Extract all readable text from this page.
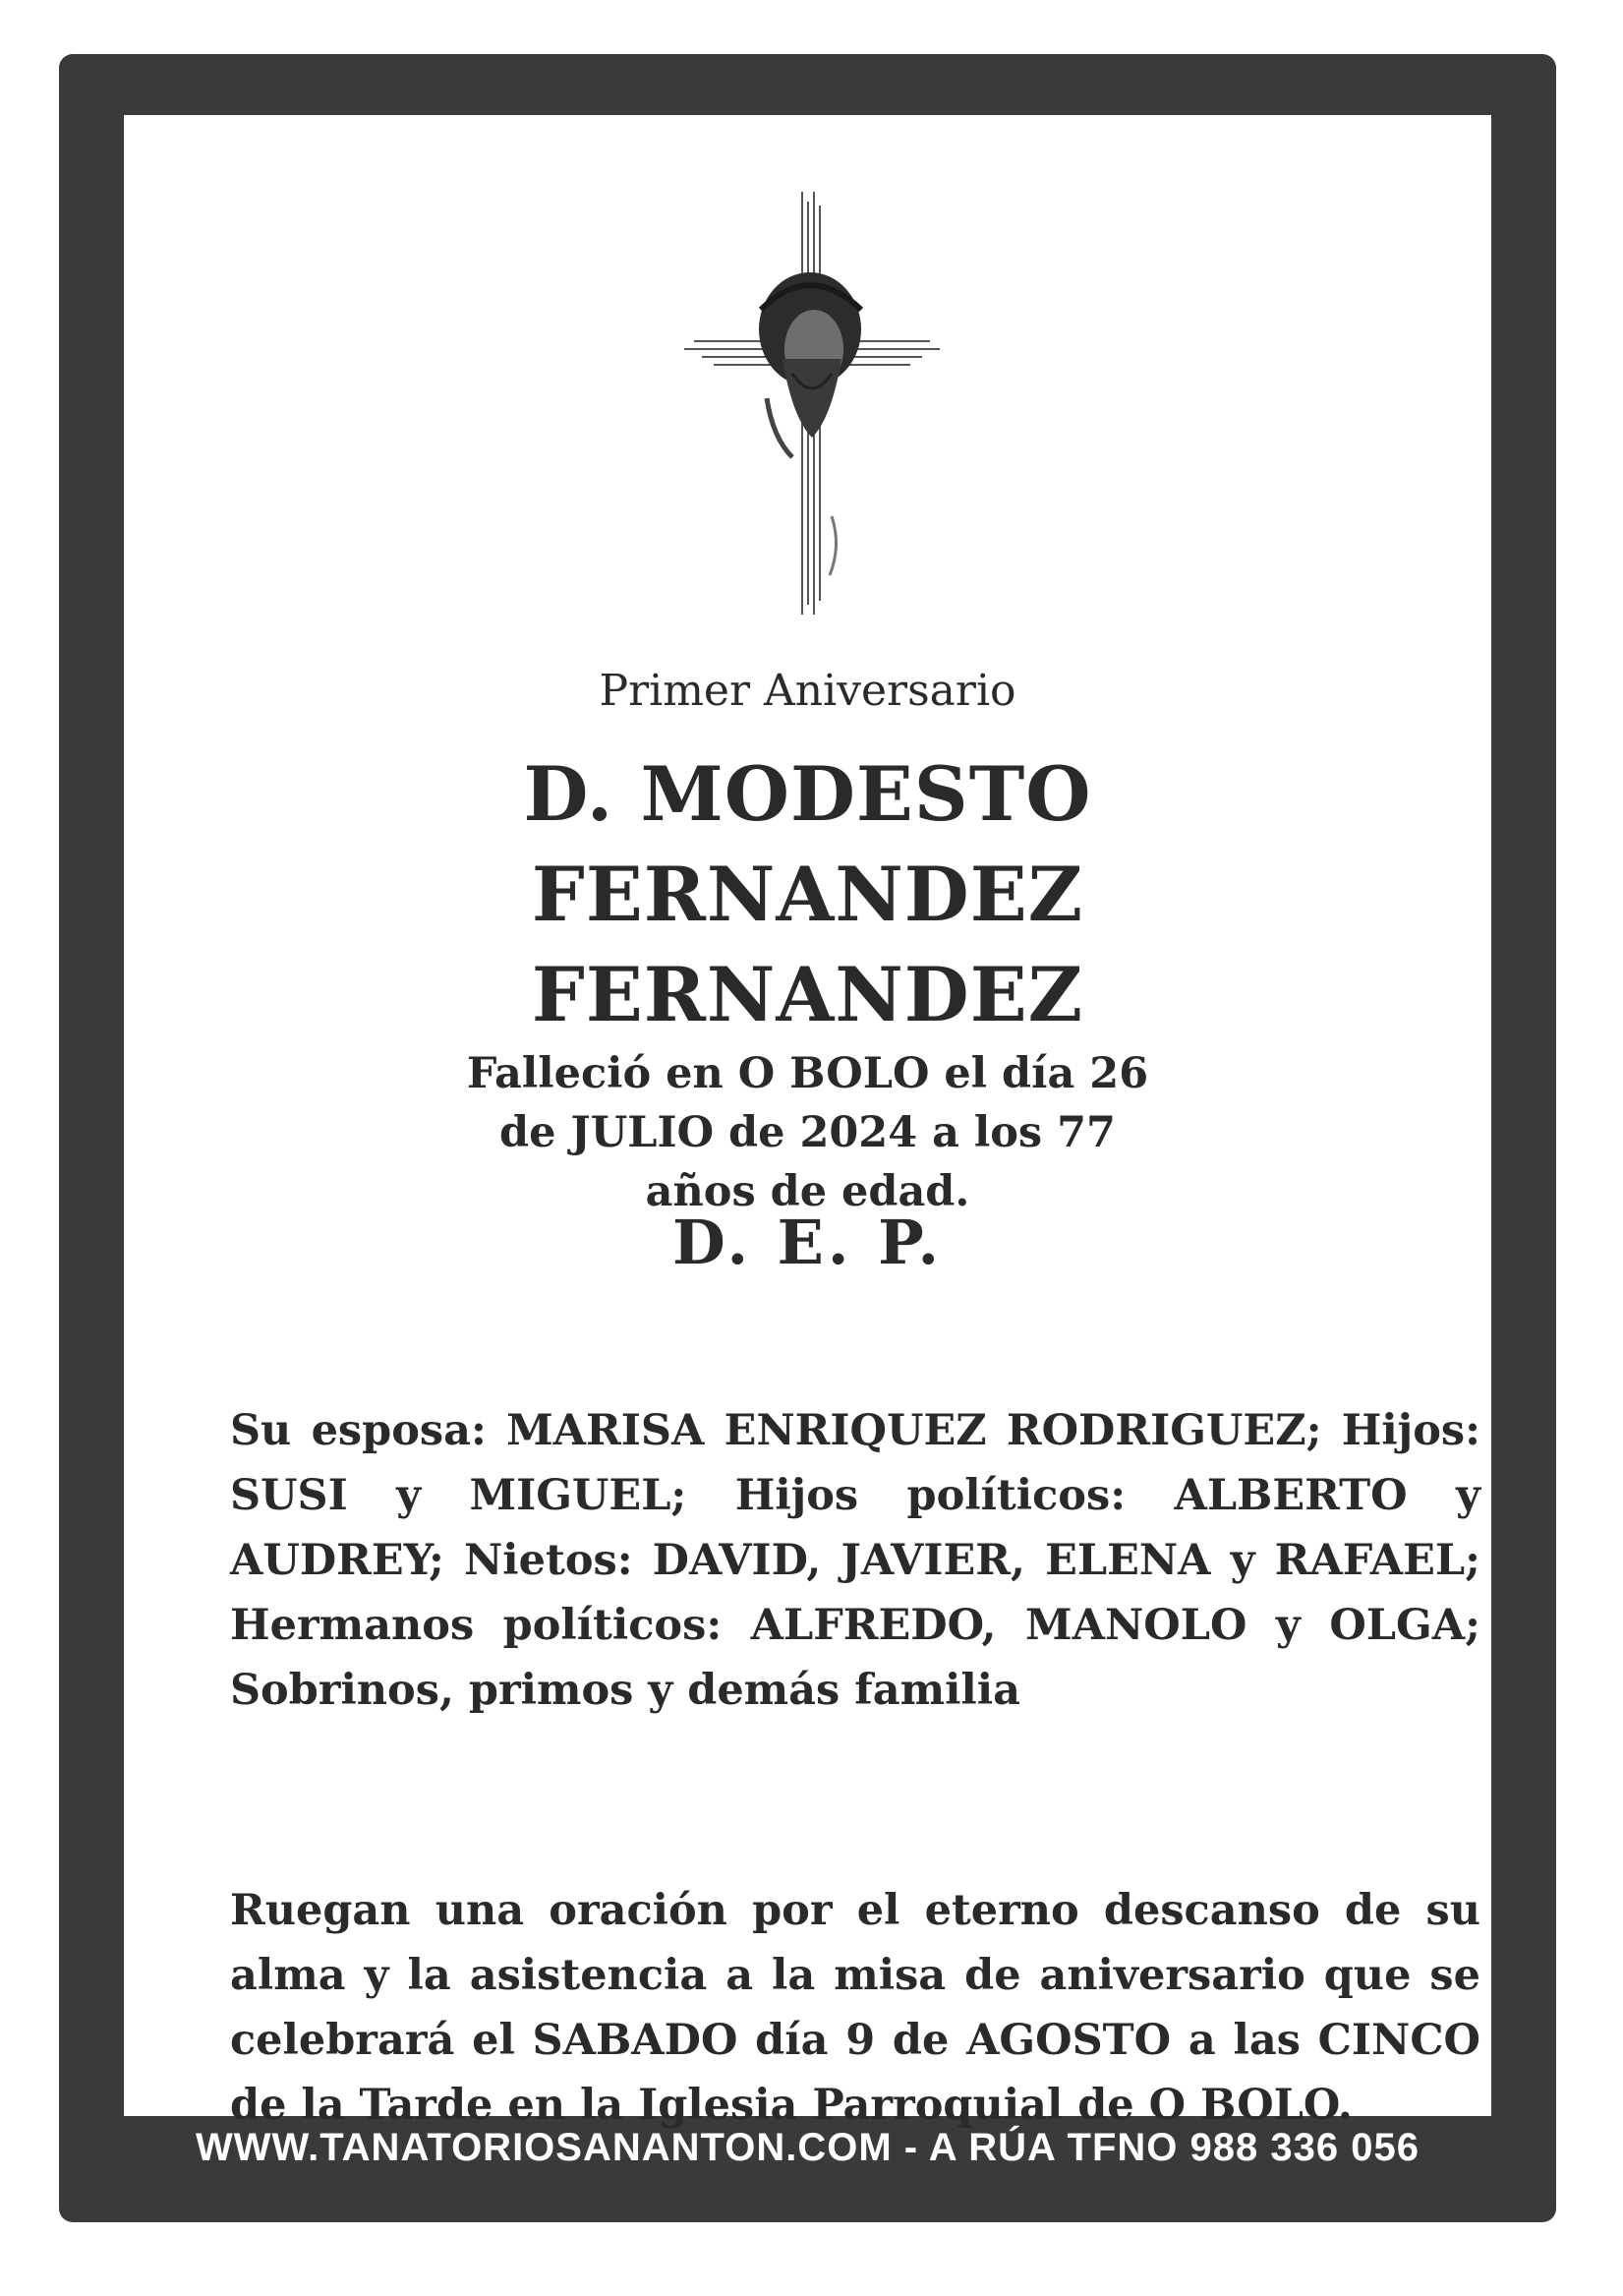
Primer Aniversario
D. MODESTO FERNANDEZ FERNANDEZ
Falleció en O BOLO el día 26 de JULIO de 2024 a los 77 años de edad.
D. E. P.
Su esposa: MARISA ENRIQUEZ RODRIGUEZ; Hijos: SUSI y MIGUEL; Hijos políticos: ALBERTO y AUDREY; Nietos: DAVID, JAVIER, ELENA y RAFAEL; Hermanos políticos: ALFREDO, MANOLO y OLGA; Sobrinos, primos y demás familia
Ruegan una oración por el eterno descanso de su alma y la asistencia a la misa de aniversario que se celebrará el SABADO día 9 de AGOSTO a las CINCO de la Tarde en la Iglesia Parroquial de O BOLO.
WWW.TANATORIOSANANTON.COM - A RÚA TFNO 988 336 056
